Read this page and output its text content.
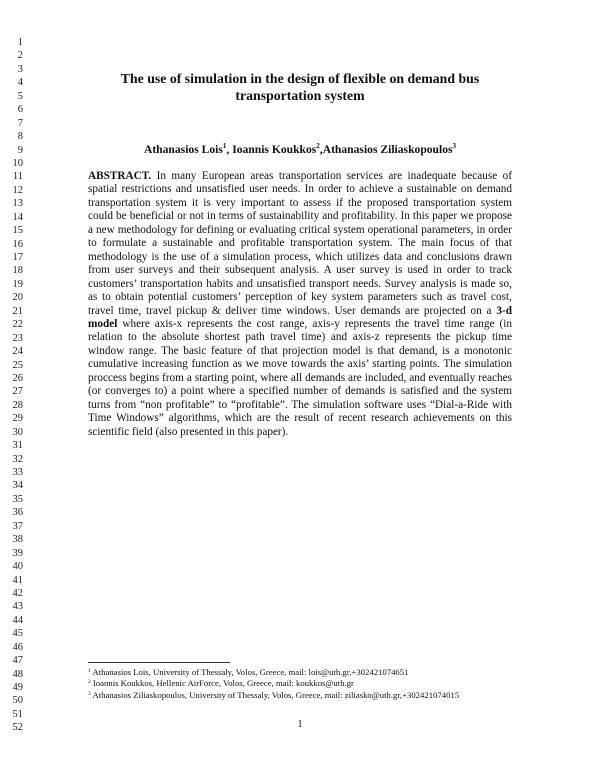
1
2
3
4
5
6
7
8
9
10
11
12
13
14
15
16
17
18
19
20
21
22
23
24
25
26
27
28
29
30
31
32
33
34
35
36
37
38
39
40
41
42
43
44
45
46
47
48
49
50
51
52
The use of simulation in the design of flexible on demand bus
transportation system
Athanasios Lois$^1$, Ioannis Koukkos$^2$,Athanasios Ziliaskopoulos$^3$

ABSTRACT. In many European areas transportation services are inadequate because of spatial restrictions and unsatisfied user needs. In order to achieve a sustainable on demand transportation system it is very important to assess if the proposed transportation system could be beneficial or not in terms of sustainability and profitability. In this paper we propose a new methodology for defining or evaluating critical system operational parameters, in order to formulate a sustainable and profitable transportation system. The main focus of that methodology is the use of a simulation process, which utilizes data and conclusions drawn from user surveys and their subsequent analysis. A user survey is used in order to track customers’ transportation habits and unsatisfied transport needs. Survey analysis is made so, as to obtain potential customers’ perception of key system parameters such as travel cost, travel time, travel pickup & deliver time windows. User demands are projected on a 3-d model where axis-x represents the cost range, axis-y represents the travel time range (in relation to the absolute shortest path travel time) and axis-z represents the pickup time window range. The basic feature of that projection model is that demand, is a monotonic cumulative increasing function as we move towards the axis’ starting points. The simulation proccess begins from a starting point, where all demands are included, and eventually reaches (or converges to) a point where a specified number of demands is satisfied and the system turns from “non profitable” to “profitable”. The simulation software uses “Dial-a-Ride with Time Windows” algorithms, which are the result of recent research achievements on this scientific field (also presented in this paper).

$^1$ Athanasios Lois, University of Thessaly, Volos, Greece, mail: lois@uth.gr,+302421074651
$^2$ Ioannis Koukkos, Hellenic AirForce, Volos, Greece, mail: koukkos@uth.gr
$^3$ Athanasios Ziliaskopoulos, University of Thessaly, Volos, Greece, mail: ziliasko@uth.gr,+302421074015
1
